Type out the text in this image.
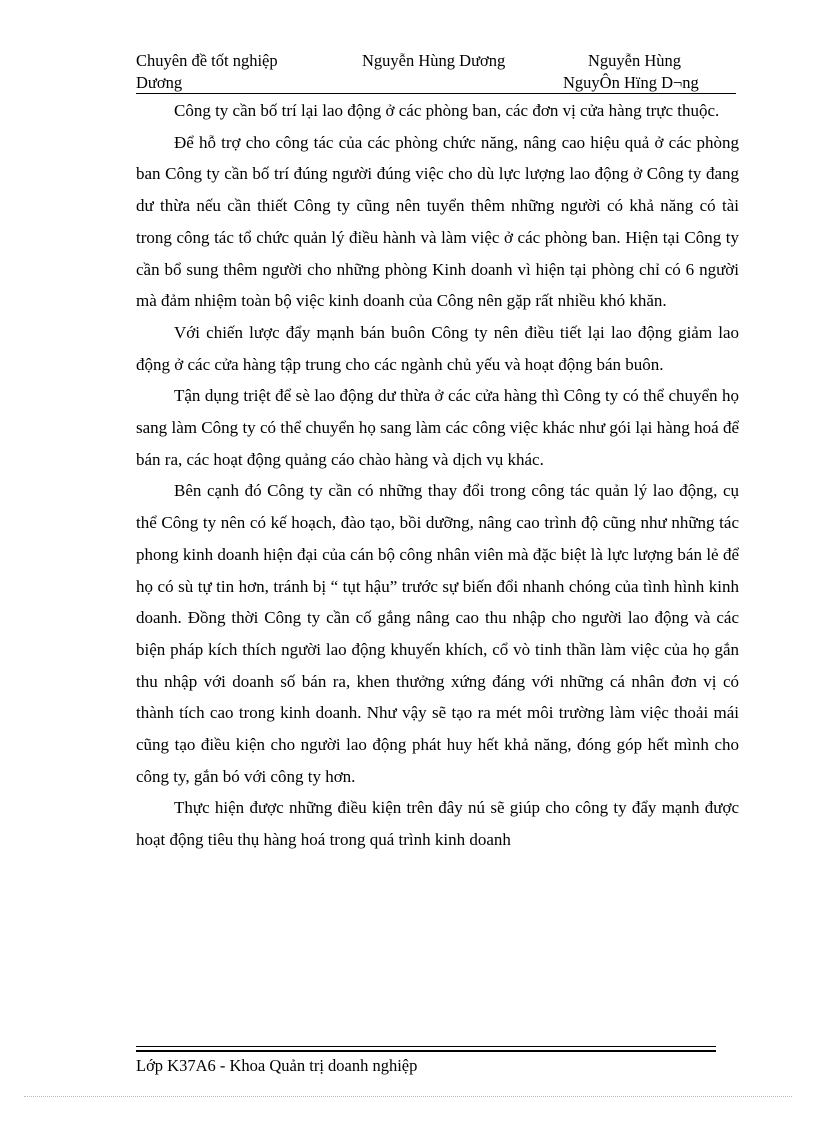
Chuyên đề tốt nghiệp
Dương
Nguyễn Hùng Dương	Nguyễn Hùng
NguyÔn Hïng D¬ng

Công ty cần bố trí lại lao động ở các phòng ban, các đơn vị cửa hàng trực thuộc.

Để hỗ trợ cho công tác của các phòng chức năng, nâng cao hiệu quả ở các phòng ban Công ty cần bố trí đúng người đúng việc cho dù lực lượng lao động ở Công ty đang dư thừa nếu cần thiết Công ty cũng nên tuyển thêm những người có khả năng có tài trong công tác tổ chức quản lý điều hành và làm việc ở các phòng ban. Hiện tại Công ty cần bổ sung thêm người cho những phòng Kinh doanh vì hiện tại phòng chỉ có 6 người mà đảm nhiệm toàn bộ việc kinh doanh của Công nên gặp rất nhiều khó khăn.

Với chiến lược đẩy mạnh bán buôn Công ty nên điều tiết lại lao động giảm lao động ở các cửa hàng tập trung cho các ngành chủ yếu và hoạt động bán buôn.

Tận dụng triệt để sè lao động dư thừa ở các cửa hàng thì Công ty có thể chuyển họ sang làm Công ty có thể chuyển họ sang làm các công việc khác như gói lại hàng hoá để bán ra, các hoạt động quảng cáo chào hàng và dịch vụ khác.

Bên cạnh đó Công ty cần có những thay đổi trong công tác quản lý lao động, cụ thể Công ty nên có kế hoạch, đào tạo, bồi dưỡng, nâng cao trình độ cũng như những tác phong kinh doanh hiện đại của cán bộ công nhân viên mà đặc biệt là lực lượng bán lẻ để họ có sù tự tin hơn, tránh bị “ tụt hậu” trước sự biến đổi nhanh chóng của tình hình kinh doanh. Đồng thời Công ty cần cố gắng nâng cao thu nhập cho người lao động và các biện pháp kích thích người lao động khuyến khích, cổ vò tinh thần làm việc của họ gắn thu nhập với doanh số bán ra, khen thưởng xứng đáng với những cá nhân đơn vị có thành tích cao trong kinh doanh. Như vậy sẽ tạo ra mét môi trường làm việc thoải mái cũng tạo điều kiện cho người lao động phát huy hết khả năng, đóng góp hết mình cho công ty, gắn bó với công ty hơn.

Thực hiện được những điều kiện trên đây nú sẽ giúp cho công ty đẩy mạnh được hoạt động tiêu thụ hàng hoá trong quá trình kinh doanh

Lớp K37A6 - Khoa Quản trị doanh nghiệp
